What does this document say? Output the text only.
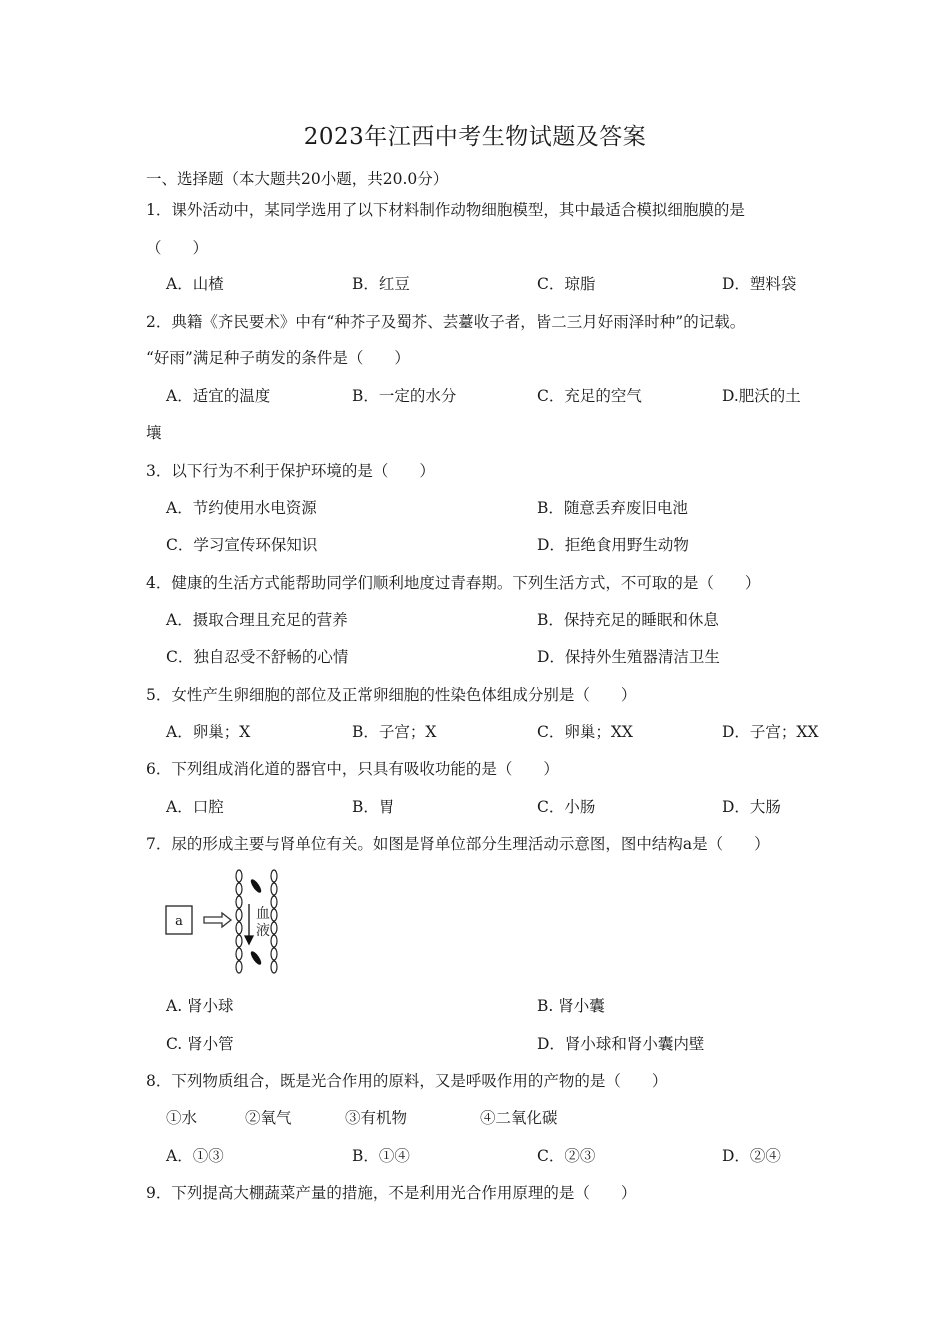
2023年江西中考生物试题及答案
一、选择题（本大题共20小题，共20.0分）
1．课外活动中，某同学选用了以下材料制作动物细胞模型，其中最适合模拟细胞膜的是
（　　）
A．山楂	B．红豆	C．琼脂	D．塑料袋
2．典籍《齐民要术》中有“种芥子及蜀芥、芸薹收子者，皆二三月好雨泽时种”的记载。
“好雨”满足种子萌发的条件是（　　）
A．适宜的温度	B．一定的水分	C．充足的空气	D.肥沃的土
壤
3．以下行为不利于保护环境的是（　　）
A．节约使用水电资源	B．随意丢弃废旧电池
C．学习宣传环保知识	D．拒绝食用野生动物
4．健康的生活方式能帮助同学们顺利地度过青春期。下列生活方式，不可取的是（　　）
A．摄取合理且充足的营养	B．保持充足的睡眠和休息
C．独自忍受不舒畅的心情	D．保持外生殖器清洁卫生
5．女性产生卵细胞的部位及正常卵细胞的性染色体组成分别是（　　）
A．卵巢；X	B．子宫；X	C．卵巢；XX	D．子宫；XX
6．下列组成消化道的器官中，只具有吸收功能的是（　　）
A．口腔	B．胃	C．小肠	D．大肠
7．尿的形成主要与肾单位有关。如图是肾单位部分生理活动示意图，图中结构a是（　　）
a	血
液
A. 肾小球	B. 肾小囊
C. 肾小管	D．肾小球和肾小囊内壁
8．下列物质组合，既是光合作用的原料，又是呼吸作用的产物的是（　　）
①水	②氧气	③有机物	④二氧化碳
A．①③	B．①④	C．②③	D．②④
9．下列提高大棚蔬菜产量的措施，不是利用光合作用原理的是（　　）
